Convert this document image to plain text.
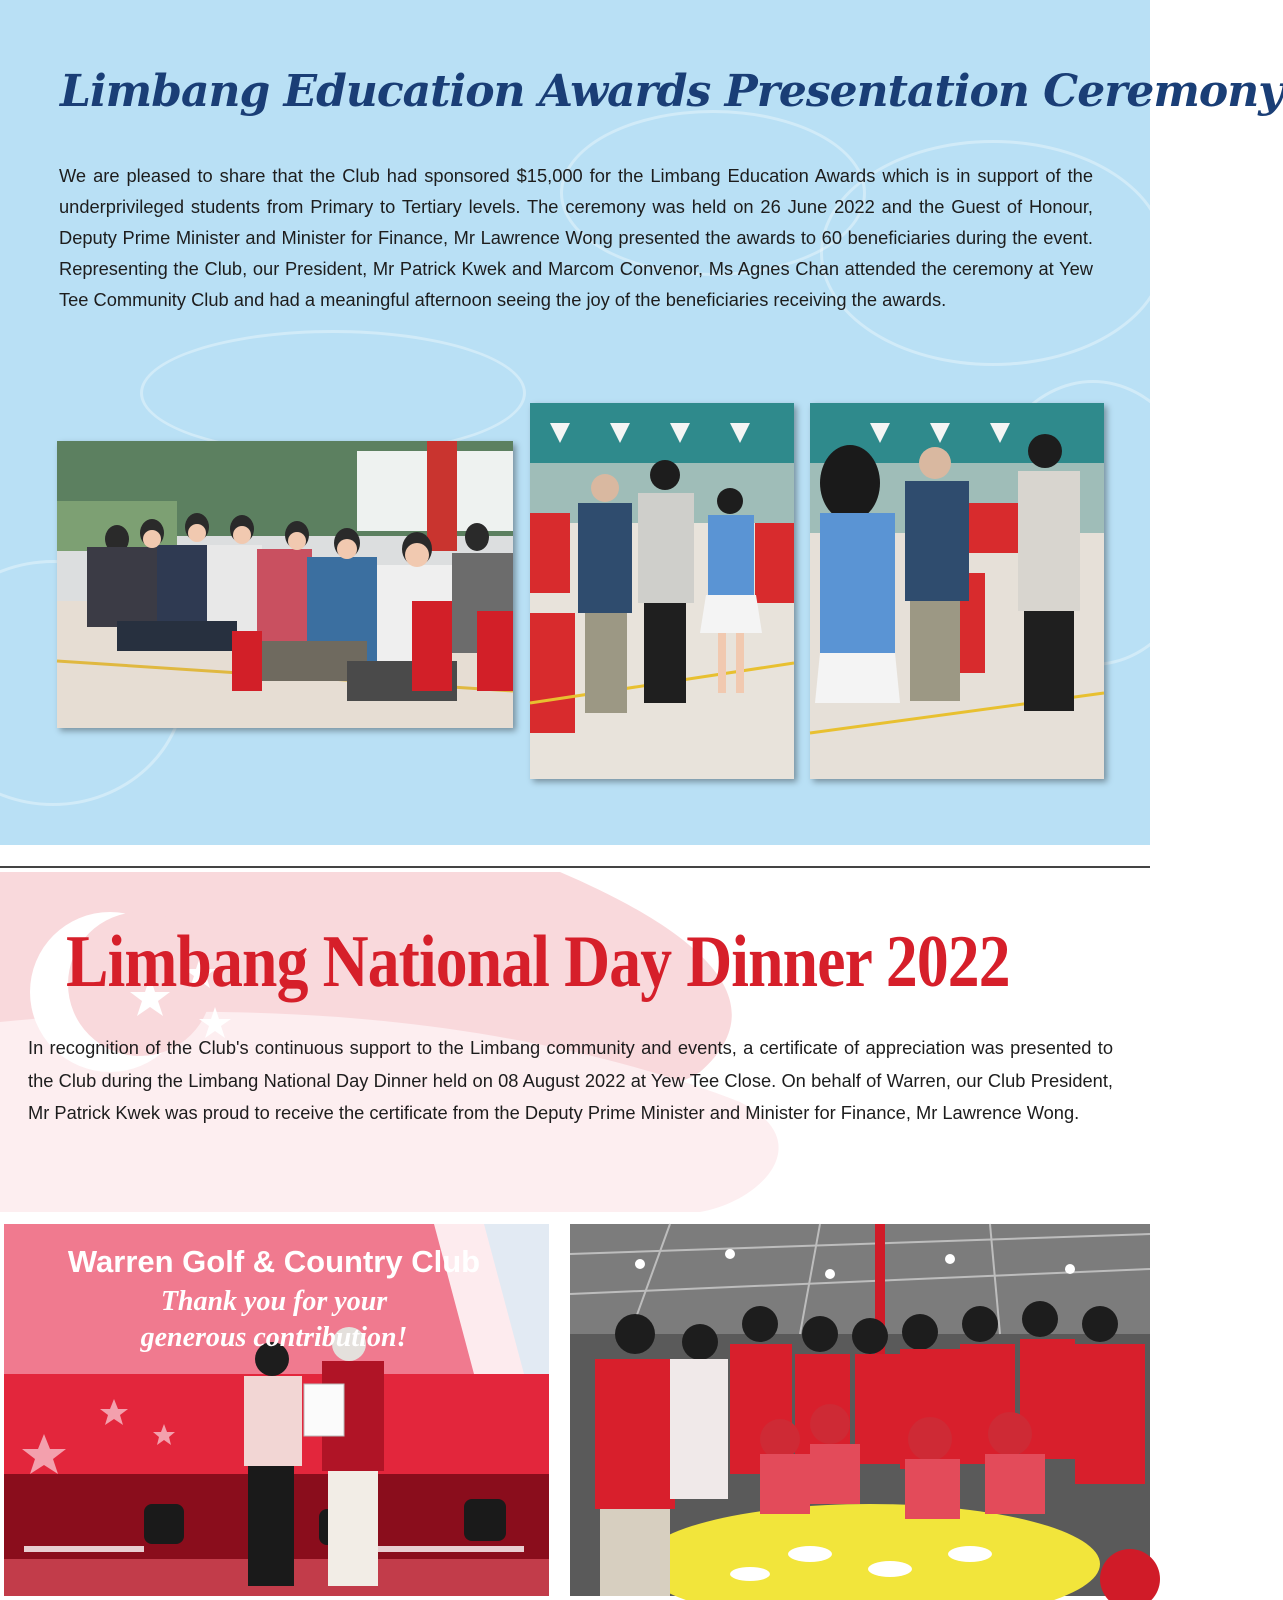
Limbang Education Awards Presentation Ceremony
We are pleased to share that the Club had sponsored $15,000 for the Limbang Education Awards which is in support of the underprivileged students from Primary to Tertiary levels. The ceremony was held on 26 June 2022 and the Guest of Honour, Deputy Prime Minister and Minister for Finance, Mr Lawrence Wong presented the awards to 60 beneficiaries during the event. Representing the Club, our President, Mr Patrick Kwek and Marcom Convenor, Ms Agnes Chan attended the ceremony at Yew Tee Community Club and had a meaningful afternoon seeing the joy of the beneficiaries receiving the awards.
Limbang National Day Dinner 2022
In recognition of the Club's continuous support to the Limbang community and events, a certificate of appreciation was presented to the Club during the Limbang National Day Dinner held on 08 August 2022 at Yew Tee Close. On behalf of Warren, our Club President, Mr Patrick Kwek was proud to receive the certificate from the Deputy Prime Minister and Minister for Finance, Mr Lawrence Wong.
Warren Golf & Country Club
Thank you for your
generous contribution!
